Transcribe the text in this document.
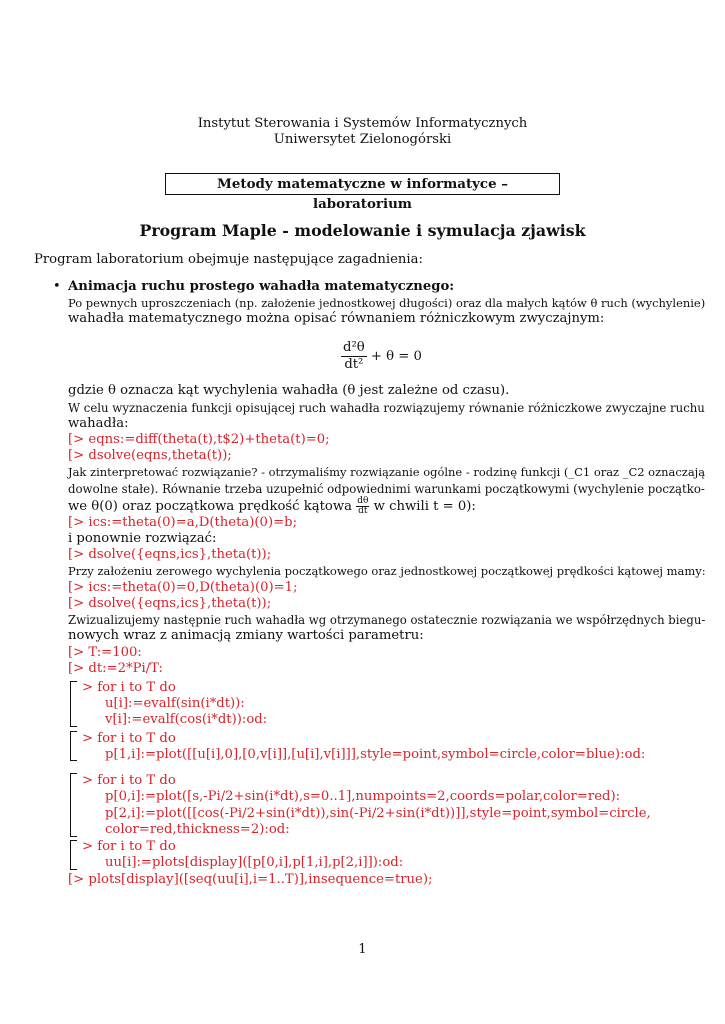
Instytut Sterowania i Systemów Informatycznych
Uniwersytet Zielonogórski
Metody matematyczne w informatyce – laboratorium
Program Maple - modelowanie i symulacja zjawisk
Program laboratorium obejmuje następujące zagadnienia:
• Animacja ruchu prostego wahadła matematycznego:
Po pewnych uproszczeniach (np. założenie jednostkowej długości) oraz dla małych kątów θ ruch (wychylenie)
wahadła matematycznego można opisać równaniem różniczkowym zwyczajnym:
$\frac{\text{d²θ}}{\text{dt²}} + \theta = 0$
gdzie θ oznacza kąt wychylenia wahadła (θ jest zależne od czasu).
W celu wyznaczenia funkcji opisującej ruch wahadła rozwiązujemy równanie różniczkowe zwyczajne ruchu
wahadła:
[> eqns:=diff(theta(t),t$2)+theta(t)=0;
[> dsolve(eqns,theta(t));
Jak zinterpretować rozwiązanie? - otrzymaliśmy rozwiązanie ogólne - rodzinę funkcji (_C1 oraz _C2 oznaczają
dowolne stałe). Równanie trzeba uzupełnić odpowiednimi warunkami początkowymi (wychylenie początko-
we θ(0) oraz początkowa prędkość kątowa $\frac{d\theta}{dt}$ w chwili t = 0):
[> ics:=theta(0)=a,D(theta)(0)=b;
i ponownie rozwiązać:
[> dsolve({eqns,ics},theta(t));
Przy założeniu zerowego wychylenia początkowego oraz jednostkowej początkowej prędkości kątowej mamy:
[> ics:=theta(0)=0,D(theta)(0)=1;
[> dsolve({eqns,ics},theta(t));
Zwizualizujemy następnie ruch wahadła wg otrzymanego ostatecznie rozwiązania we współrzędnych biegu-
nowych wraz z animacją zmiany wartości parametru:
[> T:=100:
[> dt:=2*Pi/T:
> for i to T do
u[i]:=evalf(sin(i*dt)):
v[i]:=evalf(cos(i*dt)):od:
> for i to T do
p[1,i]:=plot([[u[i],0],[0,v[i]],[u[i],v[i]]],style=point,symbol=circle,color=blue):od:
> for i to T do
p[0,i]:=plot([s,-Pi/2+sin(i*dt),s=0..1],numpoints=2,coords=polar,color=red):
p[2,i]:=plot([[cos(-Pi/2+sin(i*dt)),sin(-Pi/2+sin(i*dt))]],style=point,symbol=circle,
color=red,thickness=2):od:
> for i to T do
uu[i]:=plots[display]([p[0,i],p[1,i],p[2,i]]):od:
[> plots[display]([seq(uu[i],i=1..T)],insequence=true);
1
